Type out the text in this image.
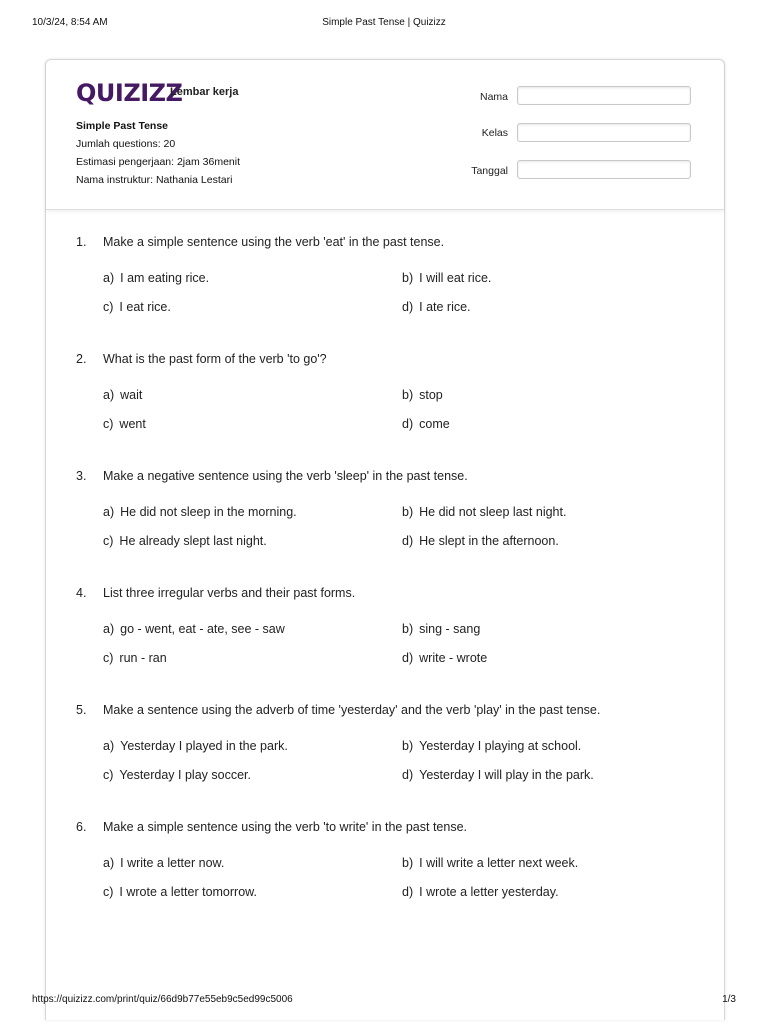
10/3/24, 8:54 AM	Simple Past Tense | Quizizz
QUIZIZZ
Lembar kerja
Simple Past Tense
Jumlah questions: 20
Estimasi pengerjaan: 2jam 36menit
Nama instruktur: Nathania Lestari
Nama
Kelas
Tanggal
1. Make a simple sentence using the verb 'eat' in the past tense.
a) I am eating rice.	b) I will eat rice.
c) I eat rice.	d) I ate rice.
2. What is the past form of the verb 'to go'?
a) wait	b) stop
c) went	d) come
3. Make a negative sentence using the verb 'sleep' in the past tense.
a) He did not sleep in the morning.	b) He did not sleep last night.
c) He already slept last night.	d) He slept in the afternoon.
4. List three irregular verbs and their past forms.
a) go - went, eat - ate, see - saw	b) sing - sang
c) run - ran	d) write - wrote
5. Make a sentence using the adverb of time 'yesterday' and the verb 'play' in the past tense.
a) Yesterday I played in the park.	b) Yesterday I playing at school.
c) Yesterday I play soccer.	d) Yesterday I will play in the park.
6. Make a simple sentence using the verb 'to write' in the past tense.
a) I write a letter now.	b) I will write a letter next week.
c) I wrote a letter tomorrow.	d) I wrote a letter yesterday.
https://quizizz.com/print/quiz/66d9b77e55eb9c5ed99c5006	1/3
